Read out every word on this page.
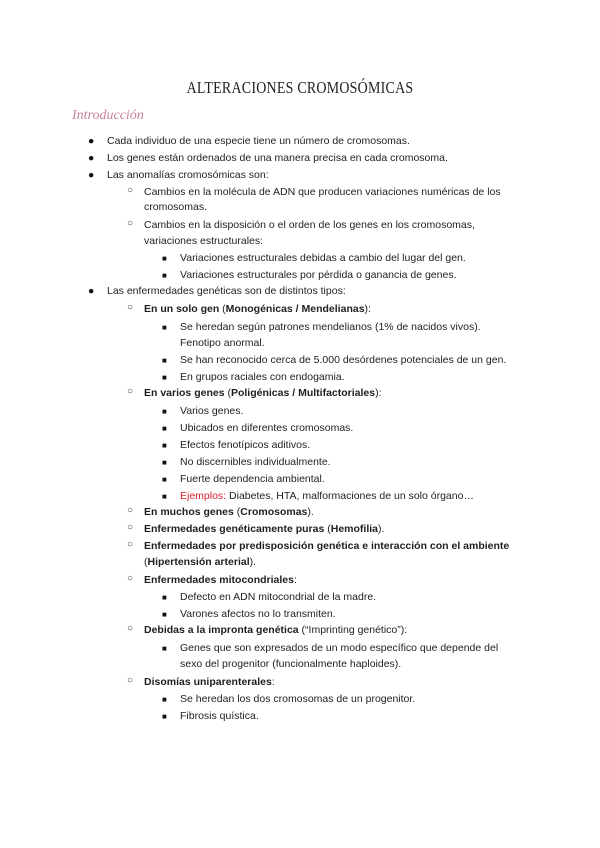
ALTERACIONES CROMOSÓMICAS
Introducción
● Cada individuo de una especie tiene un número de cromosomas.
● Los genes están ordenados de una manera precisa en cada cromosoma.
● Las anomalías cromosómicas son:
○ Cambios en la molécula de ADN que producen variaciones numéricas de los
cromosomas.
○ Cambios en la disposición o el orden de los genes en los cromosomas,
variaciones estructurales:
■ Variaciones estructurales debidas a cambio del lugar del gen.
■ Variaciones estructurales por pérdida o ganancia de genes.
● Las enfermedades genéticas son de distintos tipos:
○ En un solo gen (Monogénicas / Mendelianas):
■ Se heredan según patrones mendelianos (1% de nacidos vivos).
Fenotipo anormal.
■ Se han reconocido cerca de 5.000 desórdenes potenciales de un gen.
■ En grupos raciales con endogamia.
○ En varios genes (Poligénicas / Multifactoriales):
■ Varios genes.
■ Ubicados en diferentes cromosomas.
■ Efectos fenotípicos aditivos.
■ No discernibles individualmente.
■ Fuerte dependencia ambiental.
■ Ejemplos: Diabetes, HTA, malformaciones de un solo órgano…
○ En muchos genes (Cromosomas).
○ Enfermedades genéticamente puras (Hemofilia).
○ Enfermedades por predisposición genética e interacción con el ambiente
(Hipertensión arterial).
○ Enfermedades mitocondriales:
■ Defecto en ADN mitocondrial de la madre.
■ Varones afectos no lo transmiten.
○ Debidas a la impronta genética (“Imprinting genético”):
■ Genes que son expresados de un modo específico que depende del
sexo del progenitor (funcionalmente haploides).
○ Disomías uniparenterales:
■ Se heredan los dos cromosomas de un progenitor.
■ Fibrosis quística.
